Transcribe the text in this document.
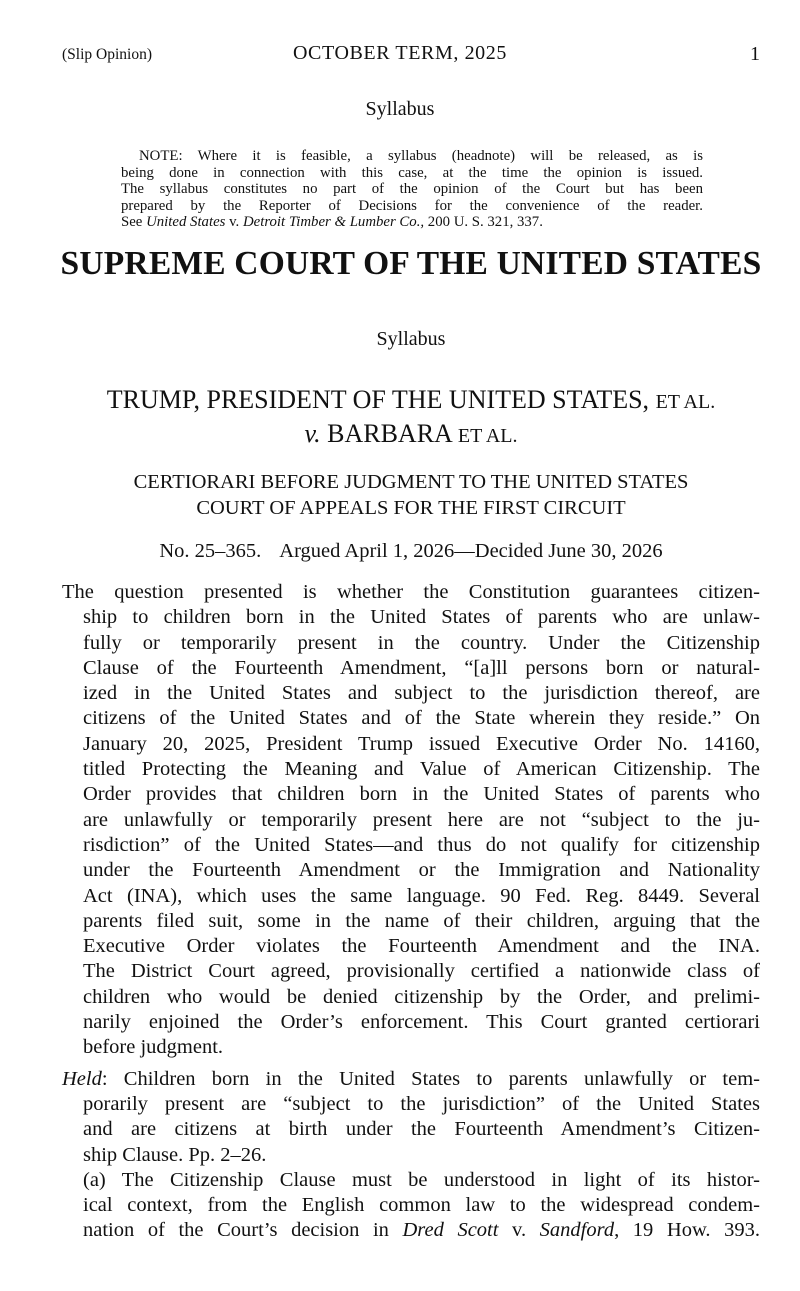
(Slip Opinion)	OCTOBER TERM, 2025	1
Syllabus
NOTE: Where it is feasible, a syllabus (headnote) will be released, as is
being done in connection with this case, at the time the opinion is issued.
The syllabus constitutes no part of the opinion of the Court but has been
prepared by the Reporter of Decisions for the convenience of the reader.
See United States v. Detroit Timber & Lumber Co., 200 U. S. 321, 337.
SUPREME COURT OF THE UNITED STATES
Syllabus
TRUMP, PRESIDENT OF THE UNITED STATES, ET AL.
v. BARBARA ET AL.
CERTIORARI BEFORE JUDGMENT TO THE UNITED STATES
COURT OF APPEALS FOR THE FIRST CIRCUIT
No. 25–365. Argued April 1, 2026—Decided June 30, 2026
The question presented is whether the Constitution guarantees citizen-
ship to children born in the United States of parents who are unlaw-
fully or temporarily present in the country. Under the Citizenship
Clause of the Fourteenth Amendment, “[a]ll persons born or natural-
ized in the United States and subject to the jurisdiction thereof, are
citizens of the United States and of the State wherein they reside.” On
January 20, 2025, President Trump issued Executive Order No. 14160,
titled Protecting the Meaning and Value of American Citizenship. The
Order provides that children born in the United States of parents who
are unlawfully or temporarily present here are not “subject to the ju-
risdiction” of the United States—and thus do not qualify for citizenship
under the Fourteenth Amendment or the Immigration and Nationality
Act (INA), which uses the same language. 90 Fed. Reg. 8449. Several
parents filed suit, some in the name of their children, arguing that the
Executive Order violates the Fourteenth Amendment and the INA.
The District Court agreed, provisionally certified a nationwide class of
children who would be denied citizenship by the Order, and prelimi-
narily enjoined the Order’s enforcement. This Court granted certiorari
before judgment.
Held: Children born in the United States to parents unlawfully or tem-
porarily present are “subject to the jurisdiction” of the United States
and are citizens at birth under the Fourteenth Amendment’s Citizen-
ship Clause. Pp. 2–26.
(a) The Citizenship Clause must be understood in light of its histor-
ical context, from the English common law to the widespread condem-
nation of the Court’s decision in Dred Scott v. Sandford, 19 How. 393.
